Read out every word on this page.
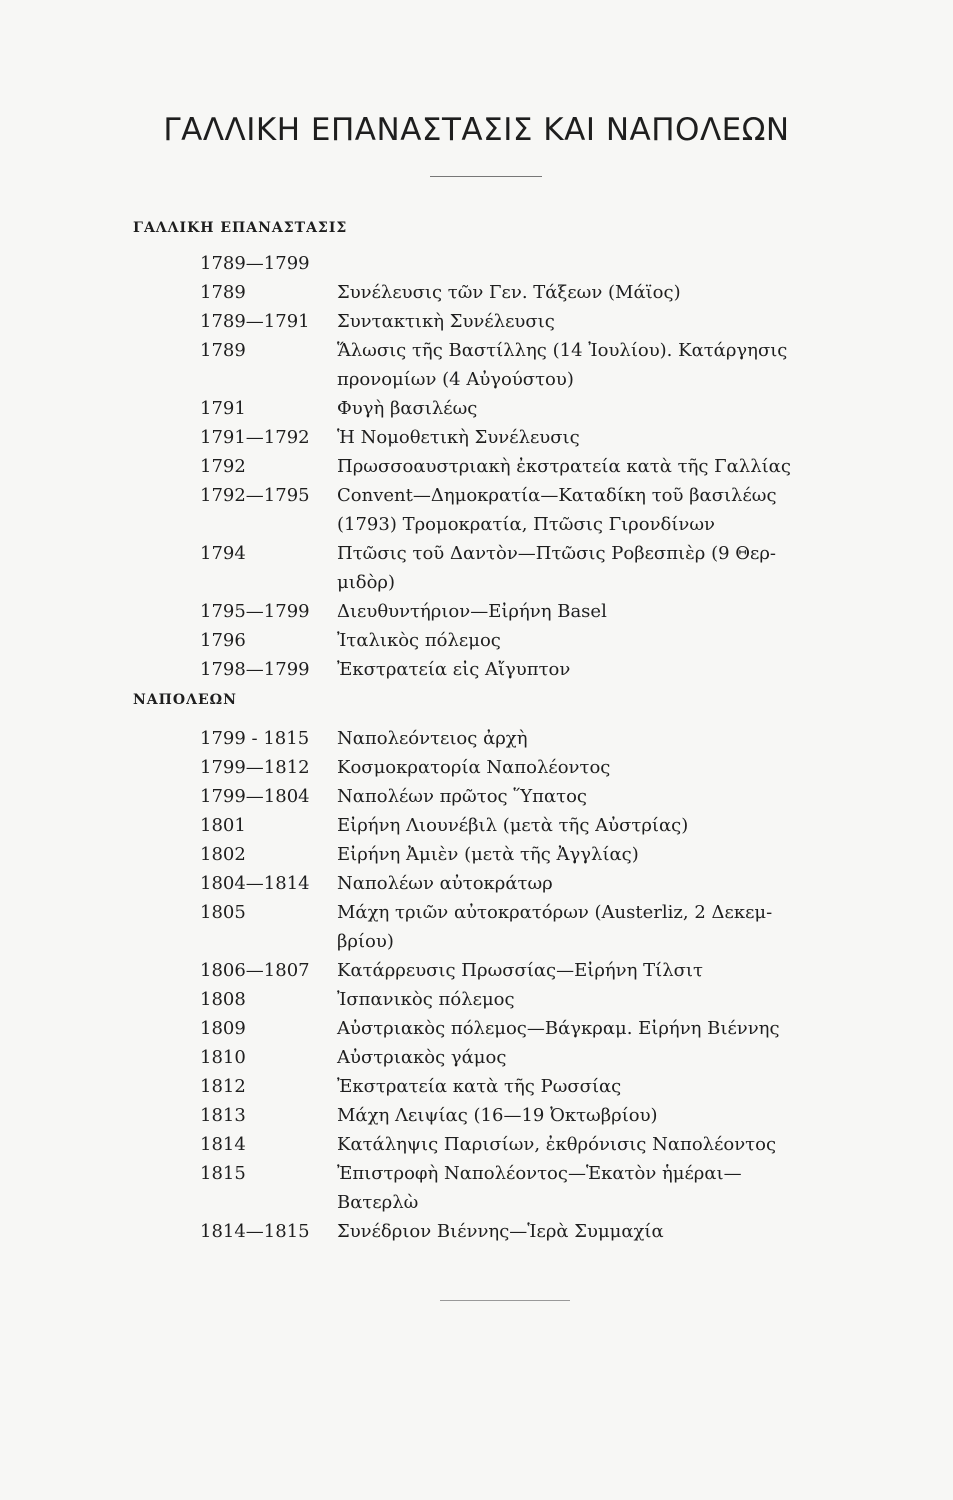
ΓΑΛΛΙΚΗ ΕΠΑΝΑΣΤΑΣΙΣ ΚΑΙ ΝΑΠΟΛΕΩΝ
ΓΑΛΛΙΚΗ ΕΠΑΝΑΣΤΑΣΙΣ
1789—1799
1789	Συνέλευσις τῶν Γεν. Τάξεων (Μάϊος)
1789—1791 Συντακτικὴ Συνέλευσις
1789	Ἅλωσις τῆς Βαστίλλης (14 Ἰουλίου). Κατάργησις
προνομίων (4 Αὐγούστου)
1791	Φυγὴ βασιλέως
1791—1792 Ἡ Νομοθετικὴ Συνέλευσις
1792	Πρωσσοαυστριακὴ ἐκστρατεία κατὰ τῆς Γαλλίας
1792—1795 Convent—Δημοκρατία—Καταδίκη τοῦ βασιλέως
(1793) Τρομοκρατία, Πτῶσις Γιρονδίνων
1794	Πτῶσις τοῦ Δαντὸν—Πτῶσις Ροβεσπιὲρ (9 Θερ-
μιδὸρ)
1795—1799 Διευθυντήριον—Εἰρήνη Basel
1796	Ἰταλικὸς πόλεμος
1798—1799 Ἐκστρατεία εἰς Αἴγυπτον
ΝΑΠΟΛΕΩΝ
1799 - 1815 Ναπολεόντειος ἀρχὴ
1799—1812 Κοσμοκρατορία Ναπολέοντος
1799—1804 Ναπολέων πρῶτος Ὕπατος
1801	Εἰρήνη Λιουνέβιλ (μετὰ τῆς Αὐστρίας)
1802	Εἰρήνη Ἀμιὲν (μετὰ τῆς Ἀγγλίας)
1804—1814 Ναπολέων αὐτοκράτωρ
1805	Μάχη τριῶν αὐτοκρατόρων (Austerliz, 2 Δεκεμ-
βρίου)
1806—1807 Κατάρρευσις Πρωσσίας—Εἰρήνη Τίλσιτ
1808	Ἰσπανικὸς πόλεμος
1809	Αὐστριακὸς πόλεμος—Βάγκραμ. Εἰρήνη Βιέννης
1810	Αὐστριακὸς γάμος
1812	Ἐκστρατεία κατὰ τῆς Ρωσσίας
1813	Μάχη Λειψίας (16—19 Ὀκτωβρίου)
1814	Κατάληψις Παρισίων, ἐκθρόνισις Ναπολέοντος
1815	Ἐπιστροφὴ Ναπολέοντος—Ἑκατὸν ἡμέραι—
Βατερλὼ
1814—1815 Συνέδριον Βιέννης—Ἱερὰ Συμμαχία
